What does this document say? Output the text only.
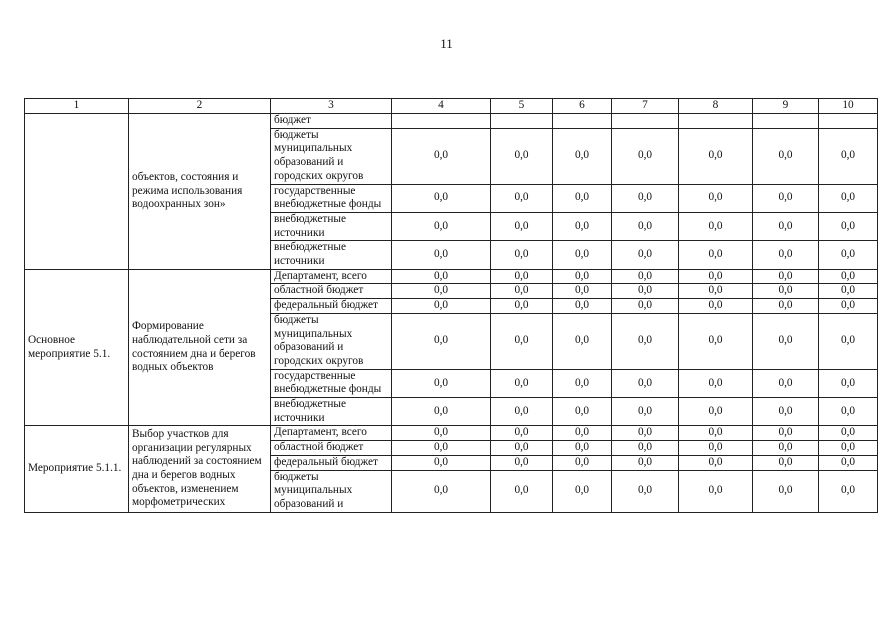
11
1	2	3	4	5	6	7	8	9	10
	объектов, состояния и режима использования водоохранных зон»	бюджет							
		бюджеты муниципальных образований и городских округов	0,0	0,0	0,0	0,0	0,0	0,0	0,0
		государственные внебюджетные фонды	0,0	0,0	0,0	0,0	0,0	0,0	0,0
		внебюджетные источники	0,0	0,0	0,0	0,0	0,0	0,0	0,0
		внебюджетные источники	0,0	0,0	0,0	0,0	0,0	0,0	0,0
Основное мероприятие 5.1.	Формирование наблюдательной сети за состоянием дна и берегов водных объектов	Департамент, всего	0,0	0,0	0,0	0,0	0,0	0,0	0,0
		областной бюджет	0,0	0,0	0,0	0,0	0,0	0,0	0,0
		федеральный бюджет	0,0	0,0	0,0	0,0	0,0	0,0	0,0
		бюджеты муниципальных образований и городских округов	0,0	0,0	0,0	0,0	0,0	0,0	0,0
		государственные внебюджетные фонды	0,0	0,0	0,0	0,0	0,0	0,0	0,0
		внебюджетные источники	0,0	0,0	0,0	0,0	0,0	0,0	0,0
Мероприятие 5.1.1.	Выбор участков для организации регулярных наблюдений за состоянием дна и берегов водных объектов, изменением морфометрических	Департамент, всего	0,0	0,0	0,0	0,0	0,0	0,0	0,0
		областной бюджет	0,0	0,0	0,0	0,0	0,0	0,0	0,0
		федеральный бюджет	0,0	0,0	0,0	0,0	0,0	0,0	0,0
		бюджеты муниципальных образований и	0,0	0,0	0,0	0,0	0,0	0,0	0,0
